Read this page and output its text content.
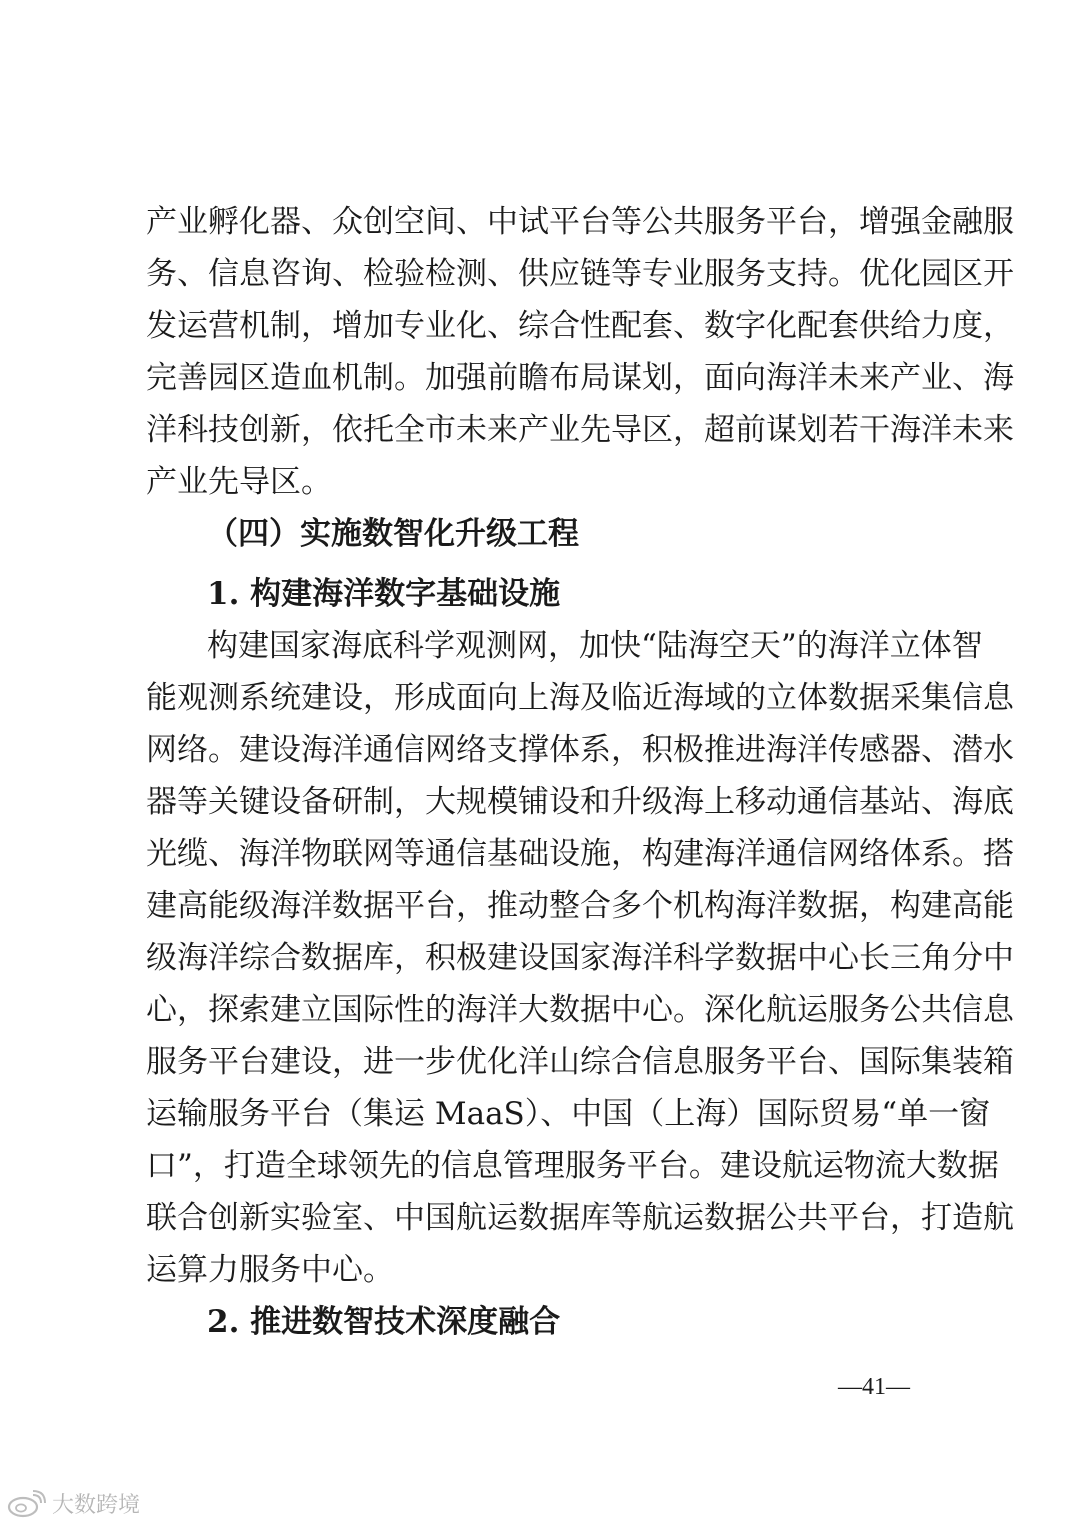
产业孵化器、众创空间、中试平台等公共服务平台，增强金融服
务、信息咨询、检验检测、供应链等专业服务支持。优化园区开
发运营机制，增加专业化、综合性配套、数字化配套供给力度，
完善园区造血机制。加强前瞻布局谋划，面向海洋未来产业、海
洋科技创新，依托全市未来产业先导区，超前谋划若干海洋未来
产业先导区。
（四）实施数智化升级工程
1. 构建海洋数字基础设施
构建国家海底科学观测网，加快“陆海空天”的海洋立体智
能观测系统建设，形成面向上海及临近海域的立体数据采集信息
网络。建设海洋通信网络支撑体系，积极推进海洋传感器、潜水
器等关键设备研制，大规模铺设和升级海上移动通信基站、海底
光缆、海洋物联网等通信基础设施，构建海洋通信网络体系。搭
建高能级海洋数据平台，推动整合多个机构海洋数据，构建高能
级海洋综合数据库，积极建设国家海洋科学数据中心长三角分中
心，探索建立国际性的海洋大数据中心。深化航运服务公共信息
服务平台建设，进一步优化洋山综合信息服务平台、国际集装箱
运输服务平台（集运 MaaS）、中国（上海）国际贸易“单一窗
口”，打造全球领先的信息管理服务平台。建设航运物流大数据
联合创新实验室、中国航运数据库等航运数据公共平台，打造航
运算力服务中心。
2. 推进数智技术深度融合
—41—
大数跨境
